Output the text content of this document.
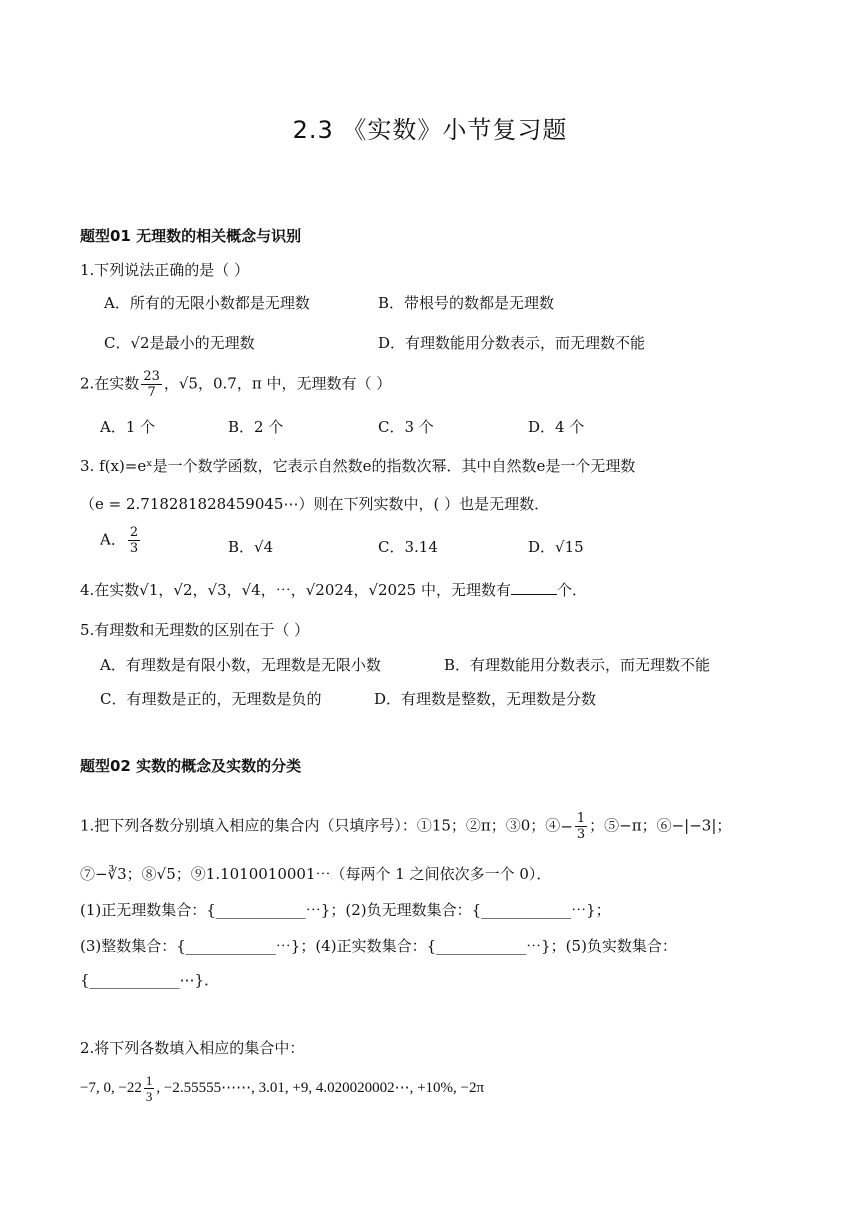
2.3 《实数》小节复习题
题型01 无理数的相关概念与识别
1.下列说法正确的是（ ）
A．所有的无限小数都是无理数	B．带根号的数都是无理数
C．√2是最小的无理数	D．有理数能用分数表示，而无理数不能
2.在实数 $\frac{23}{7}$ ，√5，0.7，π 中，无理数有（ ）
A．1 个	B．2 个	C．3 个	D．4 个
3. f(x)=eˣ是一个数学函数，它表示自然数e的指数次幂．其中自然数e是一个无理数
（e = 2.718281828459045⋯）则在下列实数中，( ）也是无理数．
A． $\frac{2}{3}$	B．√4	C．3.14	D．√15
4.在实数√1，√2，√3，√4，⋯，√2024，√2025 中，无理数有	个．
5.有理数和无理数的区别在于（ ）
A．有理数是有限小数，无理数是无限小数	B．有理数能用分数表示，而无理数不能
C．有理数是正的，无理数是负的	D．有理数是整数，无理数是分数
题型02 实数的概念及实数的分类
1.把下列各数分别填入相应的集合内（只填序号）：①15；②π；③0；④− $\frac{1}{3}$ ；⑤−π；⑥−|−3|；
⑦−∛3；⑧√5；⑨1.1010010001⋯（每两个 1 之间依次多一个 0）．
(1)正无理数集合：{____________⋯}；(2)负无理数集合：{____________⋯}；
(3)整数集合：{____________⋯}；(4)正实数集合：{____________⋯}；(5)负实数集合：
{____________⋯}．
2.将下列各数填入相应的集合中：
−7, 0, $-22 \frac{1}{3}$ , −2.55555⋯⋯, 3.01, +9, 4.020020002⋯, +10%, −2π
